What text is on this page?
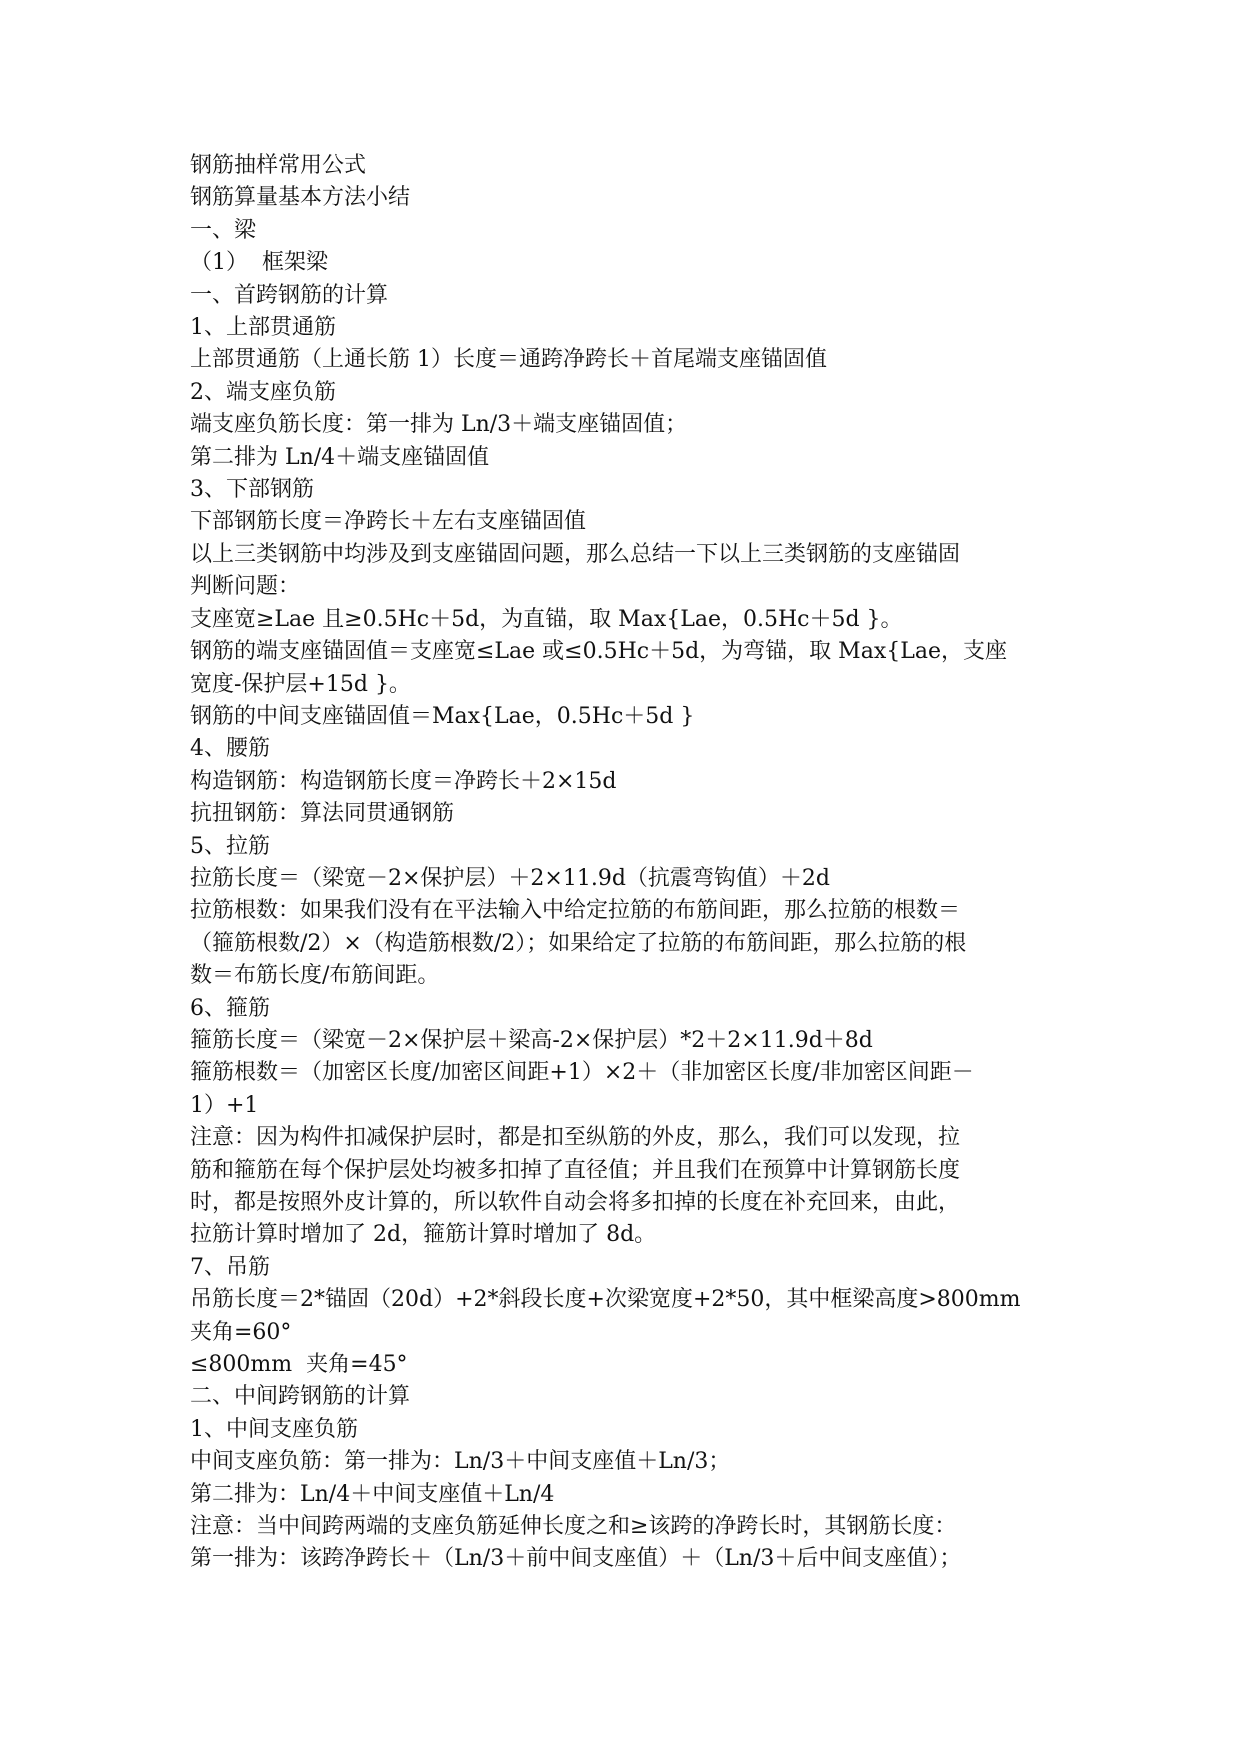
钢筋抽样常用公式

钢筋算量基本方法小结

一、梁

（1）  框架梁

一、首跨钢筋的计算

1、上部贯通筋

上部贯通筋（上通长筋 1）长度＝通跨净跨长＋首尾端支座锚固值

2、端支座负筋

端支座负筋长度：第一排为 Ln/3＋端支座锚固值；

第二排为 Ln/4＋端支座锚固值

3、下部钢筋

下部钢筋长度＝净跨长＋左右支座锚固值

以上三类钢筋中均涉及到支座锚固问题，那么总结一下以上三类钢筋的支座锚固

判断问题：

支座宽≥Lae 且≥0.5Hc＋5d，为直锚，取 Max{Lae，0.5Hc＋5d }。

钢筋的端支座锚固值＝支座宽≤Lae 或≤0.5Hc＋5d，为弯锚，取 Max{Lae，支座

宽度-保护层+15d }。

钢筋的中间支座锚固值＝Max{Lae，0.5Hc＋5d }

4、腰筋

构造钢筋：构造钢筋长度＝净跨长＋2×15d

抗扭钢筋：算法同贯通钢筋

5、拉筋

拉筋长度＝（梁宽－2×保护层）＋2×11.9d（抗震弯钩值）＋2d

拉筋根数：如果我们没有在平法输入中给定拉筋的布筋间距，那么拉筋的根数＝

（箍筋根数/2）×（构造筋根数/2）；如果给定了拉筋的布筋间距，那么拉筋的根

数＝布筋长度/布筋间距。

6、箍筋

箍筋长度＝（梁宽－2×保护层＋梁高-2×保护层）*2＋2×11.9d＋8d

箍筋根数＝（加密区长度/加密区间距+1）×2＋（非加密区长度/非加密区间距－

1）+1

注意：因为构件扣减保护层时，都是扣至纵筋的外皮，那么，我们可以发现，拉

筋和箍筋在每个保护层处均被多扣掉了直径值；并且我们在预算中计算钢筋长度

时，都是按照外皮计算的，所以软件自动会将多扣掉的长度在补充回来，由此，

拉筋计算时增加了 2d，箍筋计算时增加了 8d。

7、吊筋

吊筋长度＝2*锚固（20d）+2*斜段长度+次梁宽度+2*50，其中框梁高度>800mm

夹角=60°

≤800mm  夹角=45°

二、中间跨钢筋的计算

1、中间支座负筋

中间支座负筋：第一排为：Ln/3＋中间支座值＋Ln/3；

第二排为：Ln/4＋中间支座值＋Ln/4

注意：当中间跨两端的支座负筋延伸长度之和≥该跨的净跨长时，其钢筋长度：

第一排为：该跨净跨长＋（Ln/3＋前中间支座值）＋（Ln/3＋后中间支座值）；
